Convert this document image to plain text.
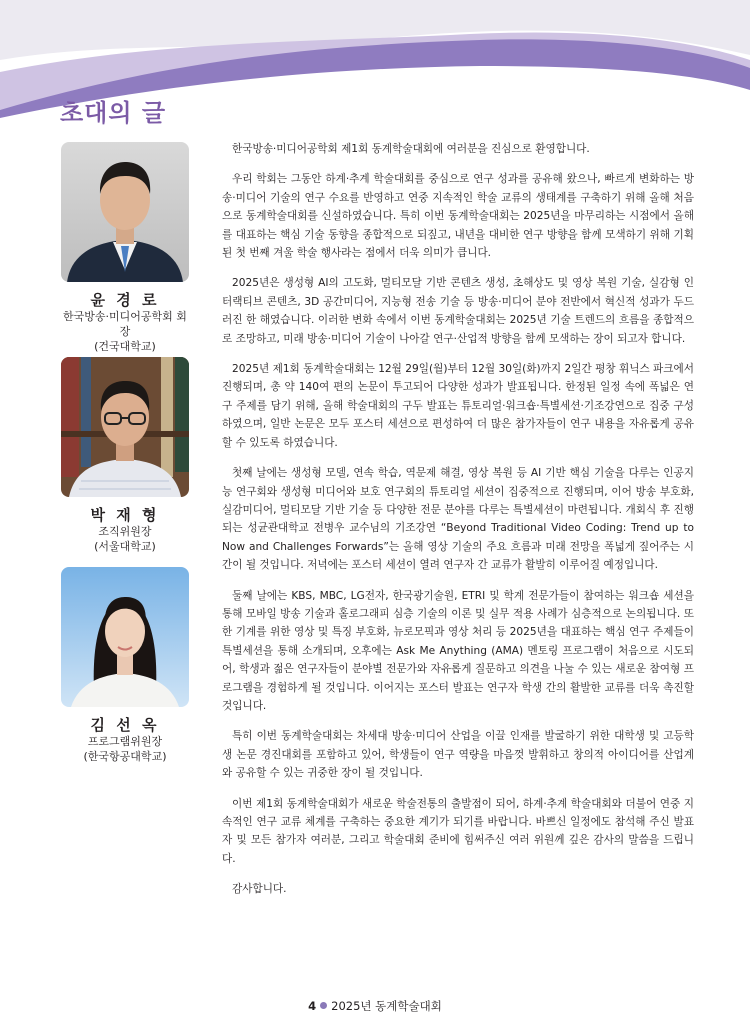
초대의 글
윤 경 로
한국방송·미디어공학회 회장
(건국대학교)
박 재 형
조직위원장
(서울대학교)
김 선 옥
프로그램위원장
(한국항공대학교)

한국방송·미디어공학회 제1회 동계학술대회에 여러분을 진심으로 환영합니다.

우리 학회는 그동안 하계·추계 학술대회를 중심으로 연구 성과를 공유해 왔으나, 빠르게 변화하는 방송·미디어 기술의 연구 수요를 반영하고 연중 지속적인 학술 교류의 생태계를 구축하기 위해 올해 처음으로 동계학술대회를 신설하였습니다. 특히 이번 동계학술대회는 2025년을 마무리하는 시점에서 올해를 대표하는 핵심 기술 동향을 종합적으로 되짚고, 내년을 대비한 연구 방향을 함께 모색하기 위해 기획된 첫 번째 겨울 학술 행사라는 점에서 더욱 의미가 큽니다.

2025년은 생성형 AI의 고도화, 멀티모달 기반 콘텐츠 생성, 초해상도 및 영상 복원 기술, 실감형 인터랙티브 콘텐츠, 3D 공간미디어, 지능형 전송 기술 등 방송·미디어 분야 전반에서 혁신적 성과가 두드러진 한 해였습니다. 이러한 변화 속에서 이번 동계학술대회는 2025년 기술 트렌드의 흐름을 종합적으로 조망하고, 미래 방송·미디어 기술이 나아갈 연구·산업적 방향을 함께 모색하는 장이 되고자 합니다.

2025년 제1회 동계학술대회는 12월 29일(월)부터 12월 30일(화)까지 2일간 평창 휘닉스 파크에서 진행되며, 총 약 140여 편의 논문이 투고되어 다양한 성과가 발표됩니다. 한정된 일정 속에 폭넓은 연구 주제를 담기 위해, 올해 학술대회의 구두 발표는 튜토리얼·워크숍·특별세션·기조강연으로 집중 구성하였으며, 일반 논문은 모두 포스터 세션으로 편성하여 더 많은 참가자들이 연구 내용을 자유롭게 공유할 수 있도록 하였습니다.

첫째 날에는 생성형 모델, 연속 학습, 역문제 해결, 영상 복원 등 AI 기반 핵심 기술을 다루는 인공지능 연구회와 생성형 미디어와 보호 연구회의 튜토리얼 세션이 집중적으로 진행되며, 이어 방송 부호화, 실감미디어, 멀티모달 기반 기술 등 다양한 전문 분야를 다루는 특별세션이 마련됩니다. 개회식 후 진행되는 성균관대학교 전병우 교수님의 기조강연 “Beyond Traditional Video Coding: Trend up to Now and Challenges Forwards”는 올해 영상 기술의 주요 흐름과 미래 전망을 폭넓게 짚어주는 시간이 될 것입니다. 저녁에는 포스터 세션이 열려 연구자 간 교류가 활발히 이루어질 예정입니다.

둘째 날에는 KBS, MBC, LG전자, 한국광기술원, ETRI 및 학계 전문가들이 참여하는 워크숍 세션을 통해 모바일 방송 기술과 홀로그래피 심층 기술의 이론 및 실무 적용 사례가 심층적으로 논의됩니다. 또한 기계를 위한 영상 및 특징 부호화, 뉴로모픽과 영상 처리 등 2025년을 대표하는 핵심 연구 주제들이 특별세션을 통해 소개되며, 오후에는 Ask Me Anything (AMA) 멘토링 프로그램이 처음으로 시도되어, 학생과 젊은 연구자들이 분야별 전문가와 자유롭게 질문하고 의견을 나눌 수 있는 새로운 참여형 프로그램을 경험하게 될 것입니다. 이어지는 포스터 발표는 연구자 학생 간의 활발한 교류를 더욱 촉진할 것입니다.

특히 이번 동계학술대회는 차세대 방송·미디어 산업을 이끌 인재를 발굴하기 위한 대학생 및 고등학생 논문 경진대회를 포함하고 있어, 학생들이 연구 역량을 마음껏 발휘하고 창의적 아이디어를 산업계와 공유할 수 있는 귀중한 장이 될 것입니다.

이번 제1회 동계학술대회가 새로운 학술전통의 출발점이 되어, 하계·추계 학술대회와 더불어 연중 지속적인 연구 교류 체계를 구축하는 중요한 계기가 되기를 바랍니다. 바쁘신 일정에도 참석해 주신 발표자 및 모든 참가자 여러분, 그리고 학술대회 준비에 힘써주신 여러 위원께 깊은 감사의 말씀을 드립니다.

감사합니다.

4 2025년 동계학술대회
